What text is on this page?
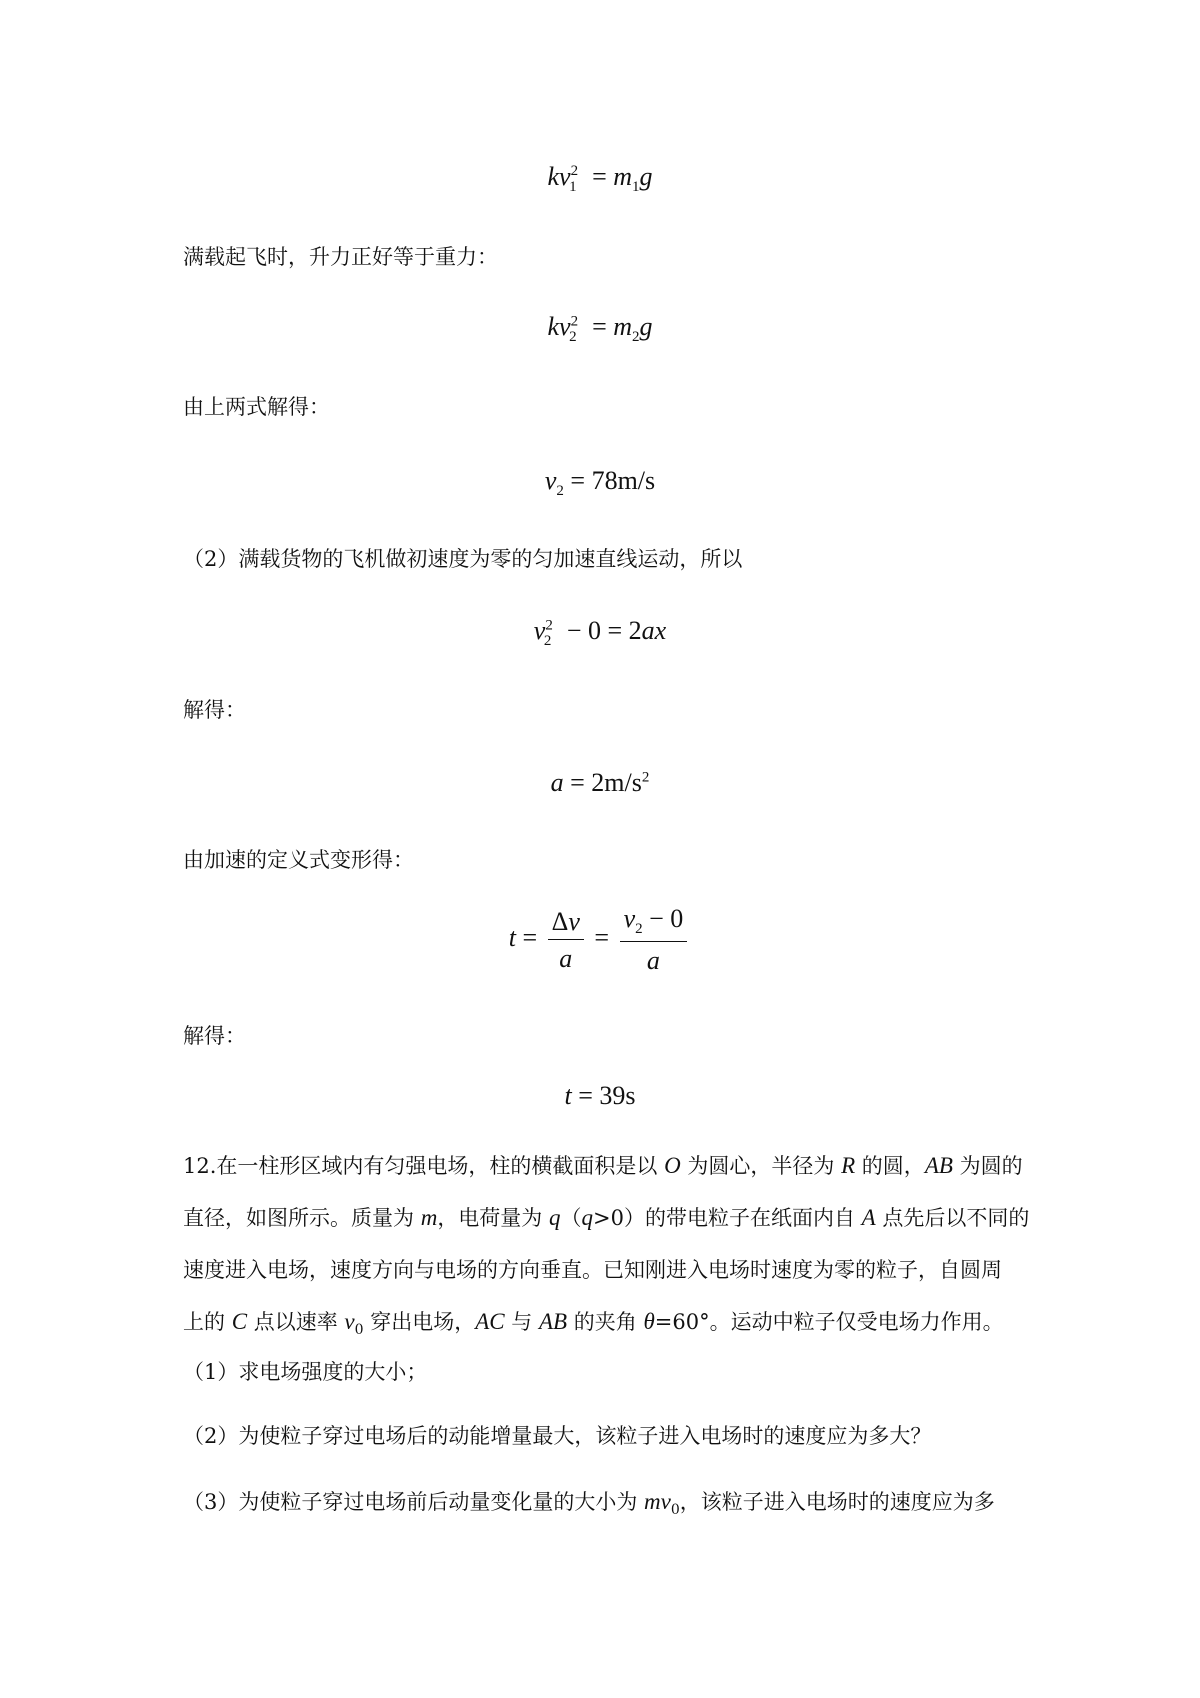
$kv^2_1 = m_1g$
满载起飞时，升力正好等于重力：
$kv^2_2 = m_2g$
由上两式解得：
$v_2 = 78m/s$
（2）满载货物的飞机做初速度为零的匀加速直线运动，所以
$v^2_2 - 0 = 2ax$
解得：
$a = 2m/s^2$
由加速的定义式变形得：
$t = \frac{\Delta v}{a} = \frac{v_2 - 0}{a}$
解得：
t = 39s
12.在一柱形区域内有匀强电场，柱的横截面积是以 O 为圆心，半径为 R 的圆，AB 为圆的
直径，如图所示。质量为 m，电荷量为 q（q>0）的带电粒子在纸面内自 A 点先后以不同的
速度进入电场，速度方向与电场的方向垂直。已知刚进入电场时速度为零的粒子，自圆周
上的 C 点以速率 $v_0$ 穿出电场，AC 与 AB 的夹角 θ=60°。运动中粒子仅受电场力作用。
（1）求电场强度的大小；
（2）为使粒子穿过电场后的动能增量最大，该粒子进入电场时的速度应为多大？
（3）为使粒子穿过电场前后动量变化量的大小为 $mv_0$，该粒子进入电场时的速度应为多
